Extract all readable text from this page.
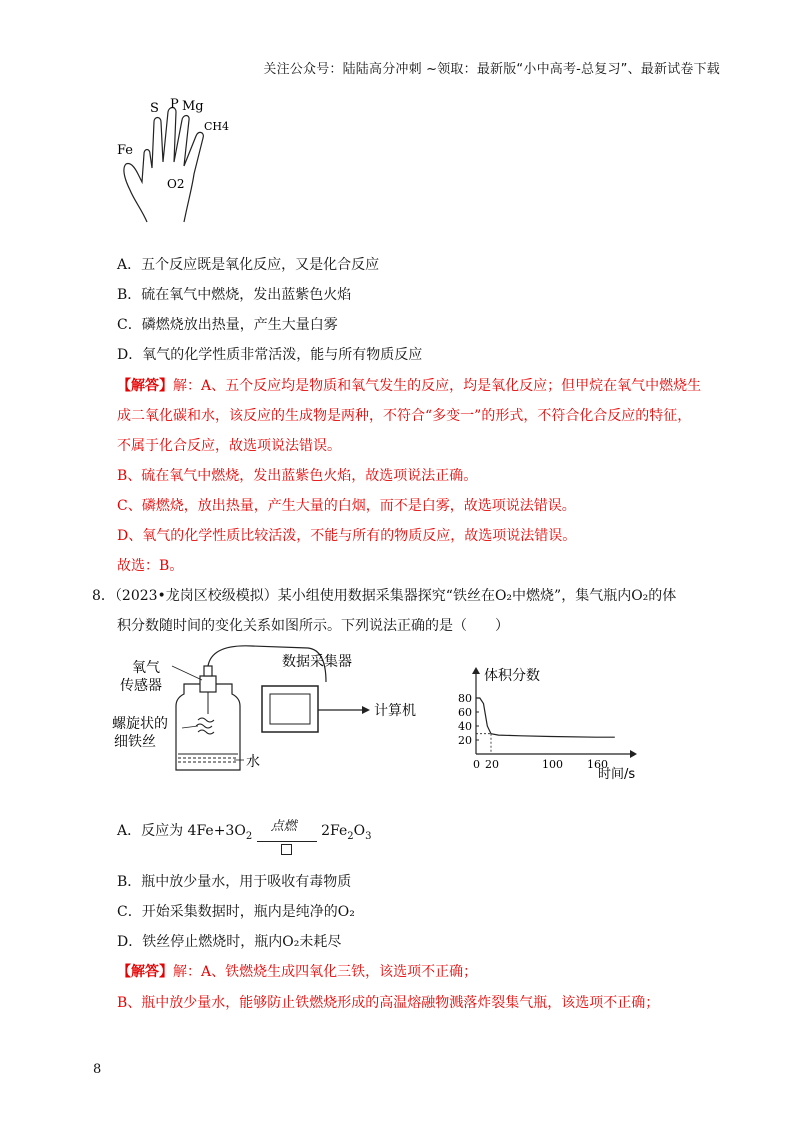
关注公众号：陆陆高分冲刺 ~领取：最新版“小中高考-总复习”、最新试卷下载
S P Mg
CH4
Fe
O2
A．五个反应既是氧化反应，又是化合反应
B．硫在氧气中燃烧，发出蓝紫色火焰
C．磷燃烧放出热量，产生大量白雾
D．氧气的化学性质非常活泼，能与所有物质反应
【解答】解：A、五个反应均是物质和氧气发生的反应，均是氧化反应；但甲烷在氧气中燃烧生
成二氧化碳和水，该反应的生成物是两种，不符合“多变一”的形式，不符合化合反应的特征，
不属于化合反应，故选项说法错误。
B、硫在氧气中燃烧，发出蓝紫色火焰，故选项说法正确。
C、磷燃烧，放出热量，产生大量的白烟，而不是白雾，故选项说法错误。
D、氧气的化学性质比较活泼，不能与所有的物质反应，故选项说法错误。
故选：B。
8．（2023•龙岗区校级模拟）某小组使用数据采集器探究“铁丝在O₂中燃烧”，集气瓶内O₂的体
积分数随时间的变化关系如图所示。下列说法正确的是（　　）
氧气
传感器
螺旋状的
细铁丝
水
数据采集器
计算机
80
60
40
20
0 20	100 160
体积分数
时间/s
A．反应为 $4Fe+3O_2$
点燃 $2Fe_2O_3$
B．瓶中放少量水，用于吸收有毒物质
C．开始采集数据时，瓶内是纯净的O₂
D．铁丝停止燃烧时，瓶内O₂未耗尽
【解答】解：A、铁燃烧生成四氧化三铁，该选项不正确；
B、瓶中放少量水，能够防止铁燃烧形成的高温熔融物溅落炸裂集气瓶，该选项不正确；
8
